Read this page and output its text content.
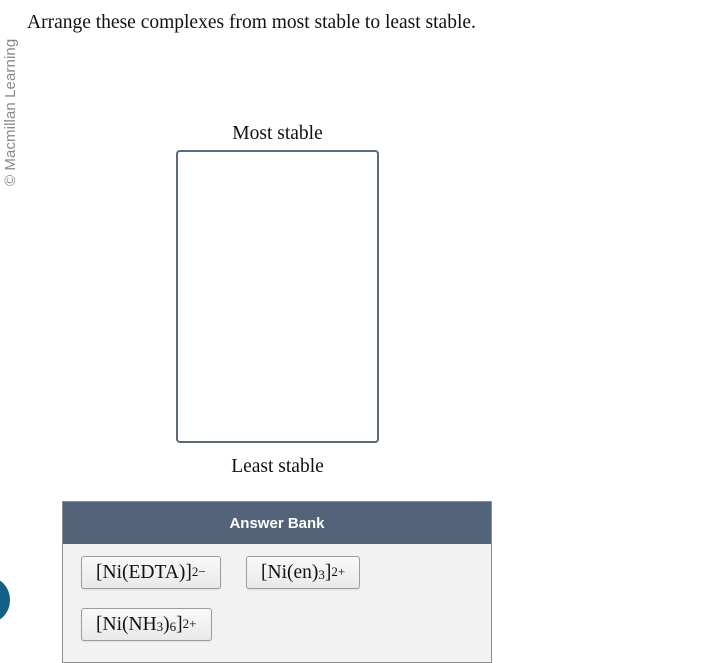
© Macmillan Learning
Arrange these complexes from most stable to least stable.
Most stable
Least stable
Answer Bank
[Ni(EDTA)]$^{2-}$	[$Ni(en)_3$ ]$^{2+}$
[$Ni(NH_3$ )$_6$ ]$^{2+}$
